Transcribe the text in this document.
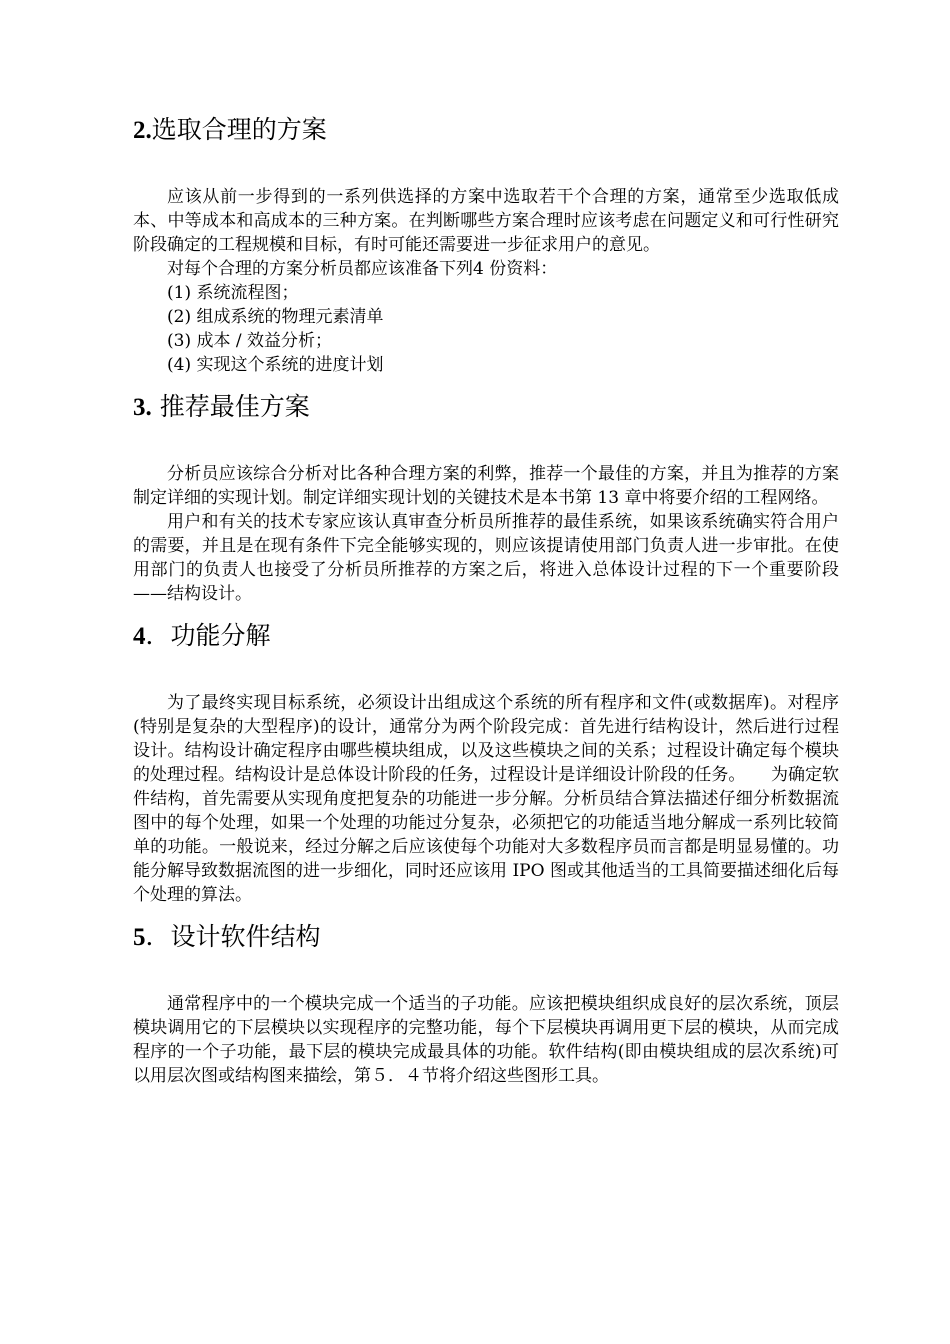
2.选取合理的方案

应该从前一步得到的一系列供选择的方案中选取若干个合理的方案，通常至少选取低成本、中等成本和高成本的三种方案。在判断哪些方案合理时应该考虑在问题定义和可行性研究阶段确定的工程规模和目标，有时可能还需要进一步征求用户的意见。

对每个合理的方案分析员都应该准备下列4 份资料：

(1) 系统流程图；
(2) 组成系统的物理元素清单
(3) 成本 / 效益分析；
(4) 实现这个系统的进度计划
3. 推荐最佳方案

分析员应该综合分析对比各种合理方案的利弊，推荐一个最佳的方案，并且为推荐的方案制定详细的实现计划。制定详细实现计划的关键技术是本书第 13 章中将要介绍的工程网络。

用户和有关的技术专家应该认真审查分析员所推荐的最佳系统，如果该系统确实符合用户的需要，并且是在现有条件下完全能够实现的，则应该提请使用部门负责人进一步审批。在使用部门的负责人也接受了分析员所推荐的方案之后，将进入总体设计过程的下一个重要阶段——结构设计。

4．功能分解

为了最终实现目标系统，必须设计出组成这个系统的所有程序和文件(或数据库)。对程序(特别是复杂的大型程序)的设计，通常分为两个阶段完成：首先进行结构设计，然后进行过程设计。结构设计确定程序由哪些模块组成，以及这些模块之间的关系；过程设计确定每个模块的处理过程。结构设计是总体设计阶段的任务，过程设计是详细设计阶段的任务。　　为确定软件结构，首先需要从实现角度把复杂的功能进一步分解。分析员结合算法描述仔细分析数据流图中的每个处理，如果一个处理的功能过分复杂，必须把它的功能适当地分解成一系列比较简单的功能。一般说来，经过分解之后应该使每个功能对大多数程序员而言都是明显易懂的。功能分解导致数据流图的进一步细化，同时还应该用 IPO 图或其他适当的工具简要描述细化后每个处理的算法。

5．设计软件结构

通常程序中的一个模块完成一个适当的子功能。应该把模块组织成良好的层次系统，顶层模块调用它的下层模块以实现程序的完整功能，每个下层模块再调用更下层的模块，从而完成程序的一个子功能，最下层的模块完成最具体的功能。软件结构(即由模块组成的层次系统)可以用层次图或结构图来描绘，第５．４节将介绍这些图形工具。
